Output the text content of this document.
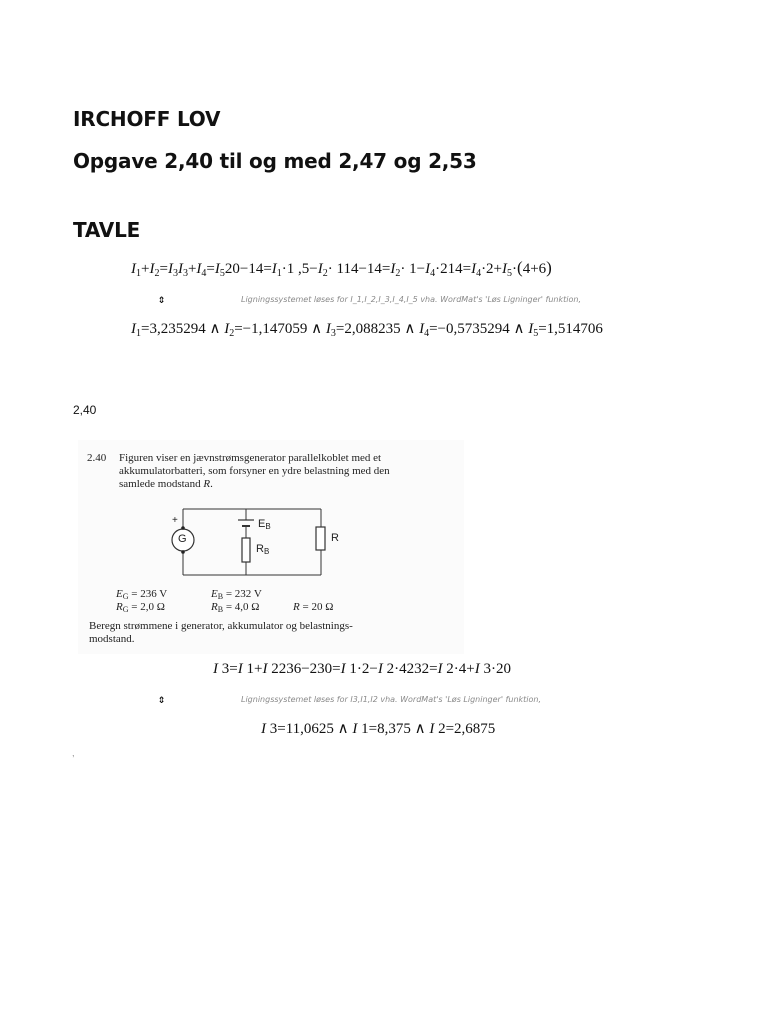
IRCHOFF LOV
Opgave 2,40 til og med 2,47 og 2,53
TAVLE
$I_1+I_2=I_3I_3+I_4=I_520-14=I_1\cdot 1$ $,5-I_2\cdot 114-14=I_2\cdot 1-I_4\cdot 214=I_4\cdot 2+I_5\cdot(4+6)$
⇕	Ligningssystemet løses for I_1,I_2,I_3,I_4,I_5 vha. WordMat's 'Løs Ligninger' funktion,
$I_1=3,235294$ ∧ $I_2=-1,147059$ ∧ $I_3=2,088235$ ∧ $I_4=-0,5735294$ ∧ $I_5=1,514706$
2,40
2.40 Figuren viser en jævnstrømsgenerator parallelkoblet med et
akkumulatorbatteri, som forsyner en ydre belastning med den
samlede modstand R.
+
G
$E_B$
$R_B$
R
$E_G = 236$ V	$E_B = 232$ V
$R_G = 2,0$ Ω	$R_B = 4,0$ Ω	R = 20 Ω
Beregn strømmene i generator, akkumulator og belastnings-
modstand.
I 3=I 1+I 2236−230=I 1·2−I 2·4232=I 2·4+I 3·20
⇕	Ligningssystemet løses for I3,I1,I2 vha. WordMat's 'Løs Ligninger' funktion,
I 3=11,0625 ∧ I 1=8,375 ∧ I 2=2,6875
,
